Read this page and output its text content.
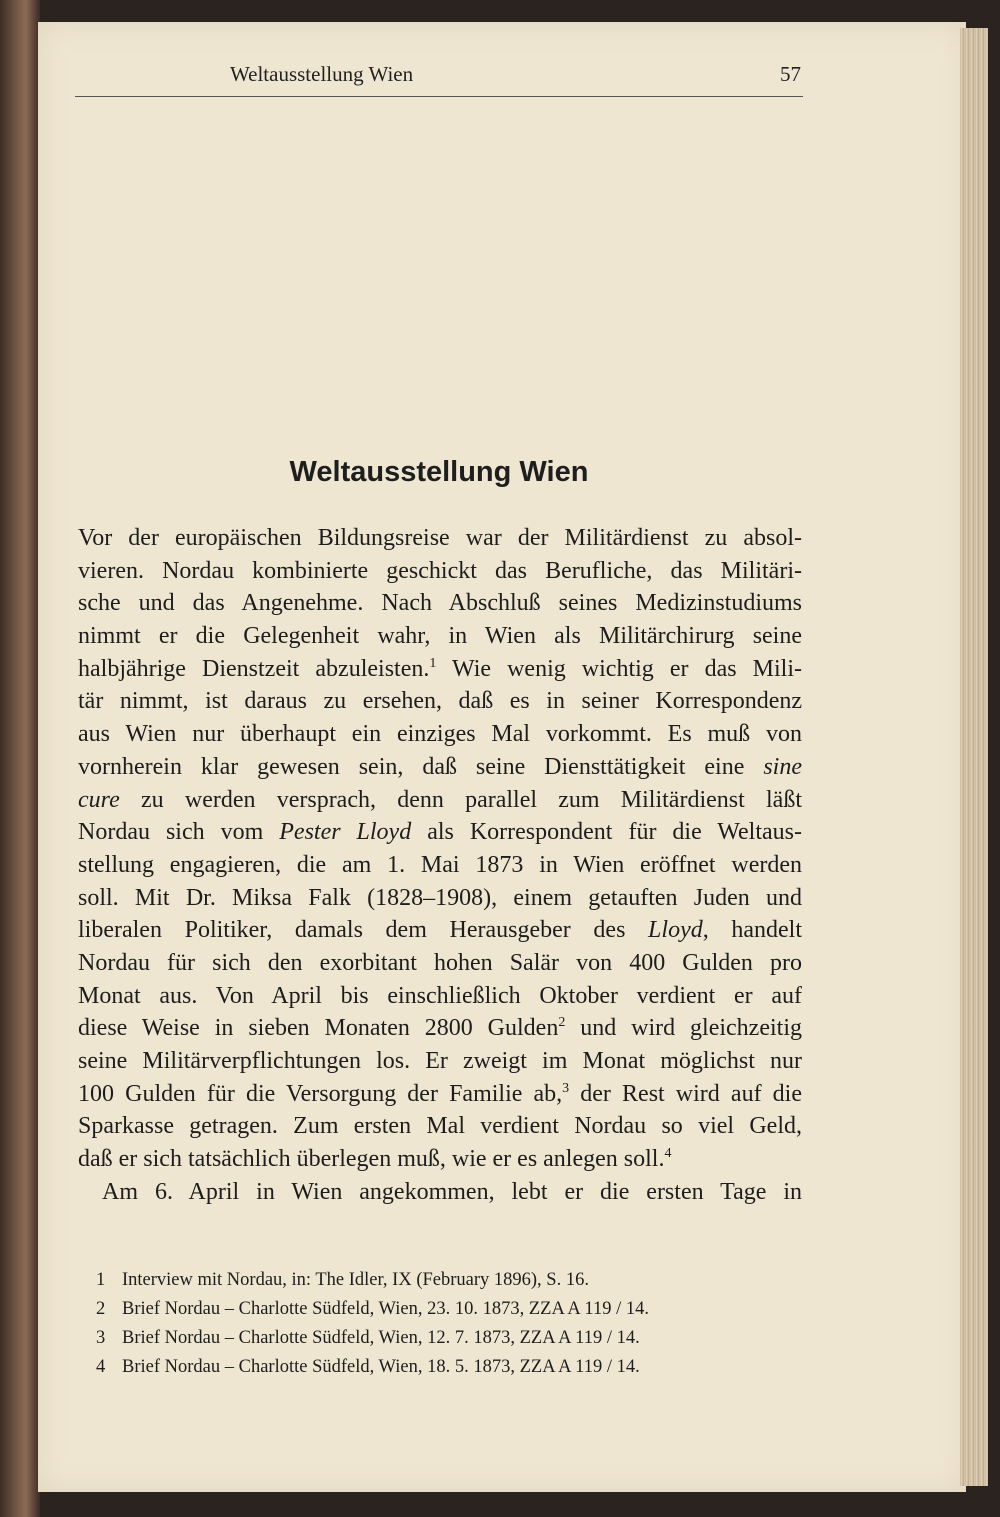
Weltausstellung Wien	57
Weltausstellung Wien
Vor der europäischen Bildungsreise war der Militärdienst zu absol-
vieren. Nordau kombinierte geschickt das Berufliche, das Militäri-
sche und das Angenehme. Nach Abschluß seines Medizinstudiums
nimmt er die Gelegenheit wahr, in Wien als Militärchirurg seine
halbjährige Dienstzeit abzuleisten.$^1$ Wie wenig wichtig er das Mili-
tär nimmt, ist daraus zu ersehen, daß es in seiner Korrespondenz
aus Wien nur überhaupt ein einziges Mal vorkommt. Es muß von
vornherein klar gewesen sein, daß seine Diensttätigkeit eine sine
cure zu werden versprach, denn parallel zum Militärdienst läßt
Nordau sich vom Pester Lloyd als Korrespondent für die Weltaus-
stellung engagieren, die am 1. Mai 1873 in Wien eröffnet werden
soll. Mit Dr. Miksa Falk (1828–1908), einem getauften Juden und
liberalen Politiker, damals dem Herausgeber des Lloyd, handelt
Nordau für sich den exorbitant hohen Salär von 400 Gulden pro
Monat aus. Von April bis einschließlich Oktober verdient er auf
diese Weise in sieben Monaten 2800 Gulden$^2$ und wird gleichzeitig
seine Militärverpflichtungen los. Er zweigt im Monat möglichst nur
100 Gulden für die Versorgung der Familie ab,$^3$ der Rest wird auf die
Sparkasse getragen. Zum ersten Mal verdient Nordau so viel Geld,
daß er sich tatsächlich überlegen muß, wie er es anlegen soll.$^4$
Am 6. April in Wien angekommen, lebt er die ersten Tage in
1 Interview mit Nordau, in: The Idler, IX (February 1896), S. 16.
2 Brief Nordau – Charlotte Südfeld, Wien, 23. 10. 1873, ZZA A 119 / 14.
3 Brief Nordau – Charlotte Südfeld, Wien, 12. 7. 1873, ZZA A 119 / 14.
4 Brief Nordau – Charlotte Südfeld, Wien, 18. 5. 1873, ZZA A 119 / 14.
